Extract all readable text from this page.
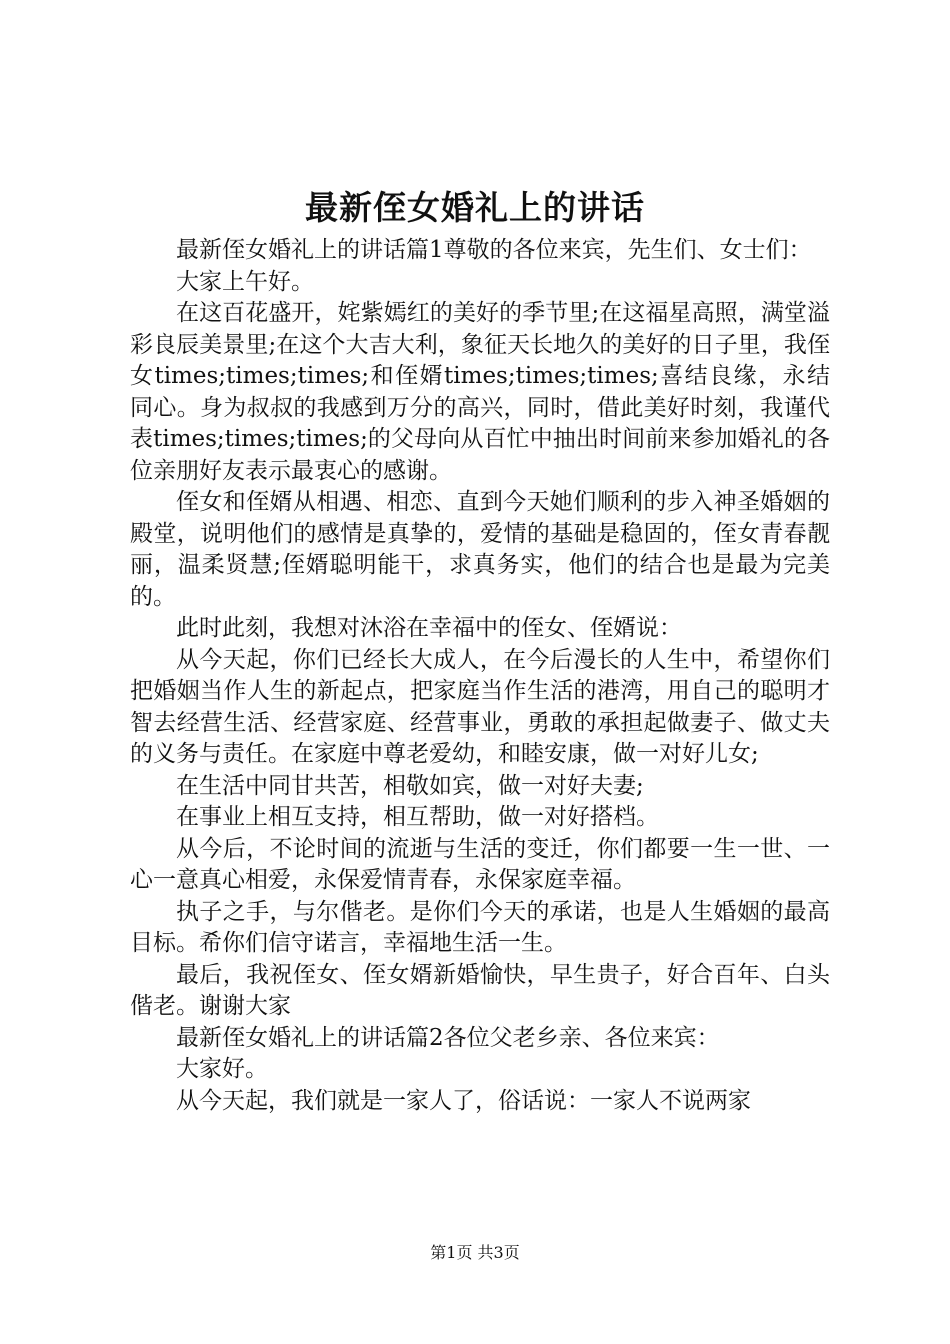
最新侄女婚礼上的讲话

最新侄女婚礼上的讲话篇1尊敬的各位来宾，先生们、女士们：

大家上午好。

在这百花盛开，姹紫嫣红的美好的季节里;在这福星高照，满堂溢彩良辰美景里;在这个大吉大利，象征天长地久的美好的日子里，我侄女times;times;times;和侄婿times;times;times;喜结良缘，永结同心。身为叔叔的我感到万分的高兴，同时，借此美好时刻，我谨代表times;times;times;的父母向从百忙中抽出时间前来参加婚礼的各位亲朋好友表示最衷心的感谢。

侄女和侄婿从相遇、相恋、直到今天她们顺利的步入神圣婚姻的殿堂，说明他们的感情是真挚的，爱情的基础是稳固的，侄女青春靓丽，温柔贤慧;侄婿聪明能干，求真务实，他们的结合也是最为完美的。

此时此刻，我想对沐浴在幸福中的侄女、侄婿说：

从今天起，你们已经长大成人，在今后漫长的人生中，希望你们把婚姻当作人生的新起点，把家庭当作生活的港湾，用自己的聪明才智去经营生活、经营家庭、经营事业，勇敢的承担起做妻子、做丈夫的义务与责任。在家庭中尊老爱幼，和睦安康，做一对好儿女;

在生活中同甘共苦，相敬如宾，做一对好夫妻;

在事业上相互支持，相互帮助，做一对好搭档。

从今后，不论时间的流逝与生活的变迁，你们都要一生一世、一心一意真心相爱，永保爱情青春，永保家庭幸福。

执子之手，与尔偕老。是你们今天的承诺，也是人生婚姻的最高目标。希你们信守诺言，幸福地生活一生。

最后，我祝侄女、侄女婿新婚愉快，早生贵子，好合百年、白头偕老。谢谢大家

最新侄女婚礼上的讲话篇2各位父老乡亲、各位来宾：

大家好。

从今天起，我们就是一家人了，俗话说：一家人不说两家

第1页 共3页
